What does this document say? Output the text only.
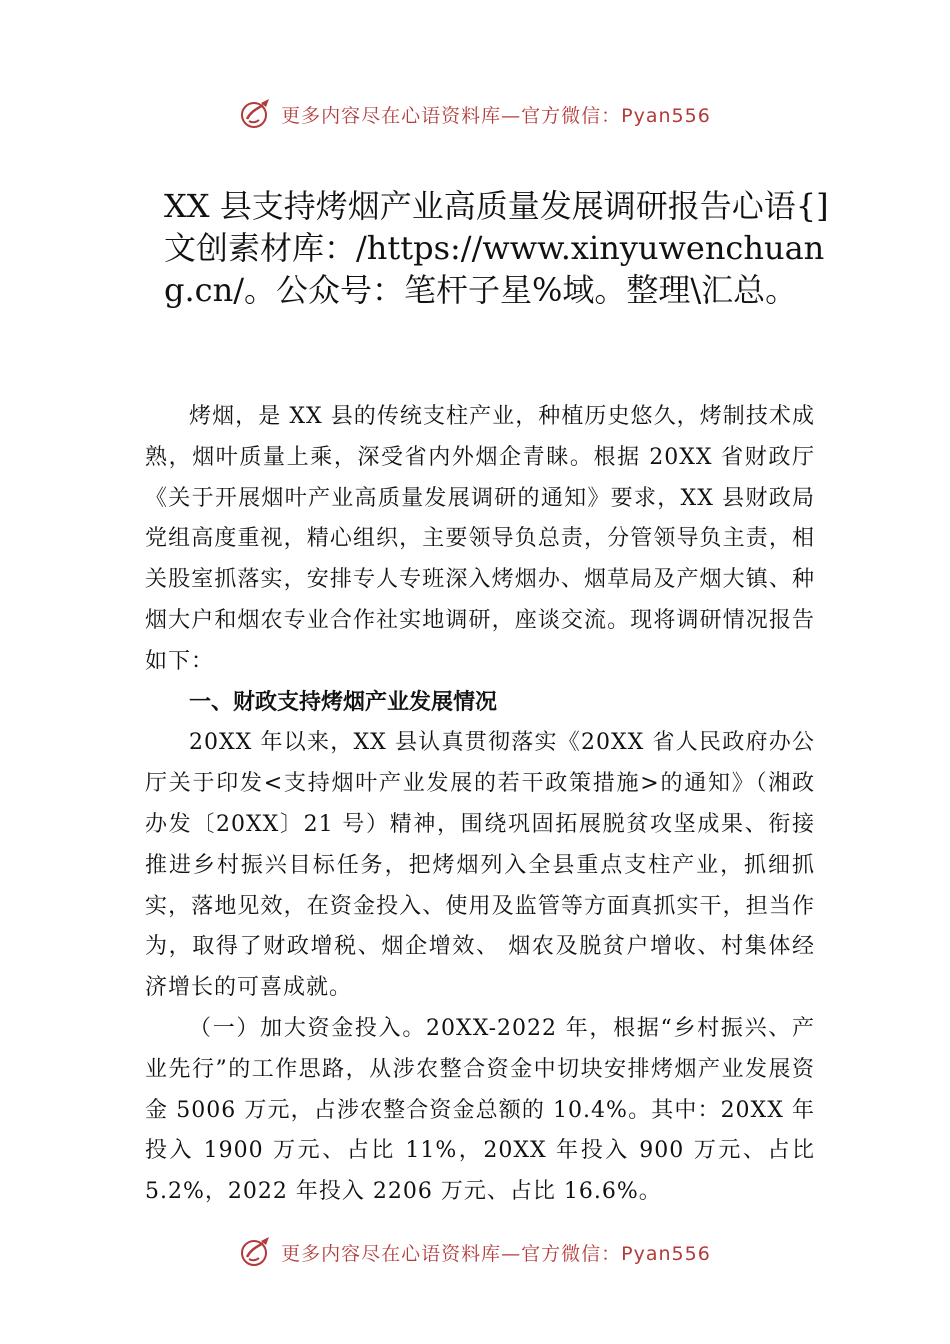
更多内容尽在心语资料库—官方微信：Pyan556
XX 县支持烤烟产业高质量发展调研报告心语{]文创素材库：/https://www.xinyuwenchuang.cn/。公众号：笔杆子星%域。整理\汇总。

烤烟，是 XX 县的传统支柱产业，种植历史悠久，烤制技术成熟，烟叶质量上乘，深受省内外烟企青睐。根据 20XX 省财政厅《关于开展烟叶产业高质量发展调研的通知》要求，XX 县财政局党组高度重视，精心组织，主要领导负总责，分管领导负主责，相关股室抓落实，安排专人专班深入烤烟办、烟草局及产烟大镇、种烟大户和烟农专业合作社实地调研，座谈交流。现将调研情况报告如下：

一、财政支持烤烟产业发展情况

20XX 年以来，XX 县认真贯彻落实《20XX 省人民政府办公厅关于印发<支持烟叶产业发展的若干政策措施>的通知》（湘政办发〔20XX〕21 号）精神，围绕巩固拓展脱贫攻坚成果、衔接推进乡村振兴目标任务，把烤烟列入全县重点支柱产业，抓细抓实，落地见效，在资金投入、使用及监管等方面真抓实干，担当作为，取得了财政增税、烟企增效、 烟农及脱贫户增收、村集体经济增长的可喜成就。

（一）加大资金投入。20XX-2022 年，根据“乡村振兴、产业先行”的工作思路，从涉农整合资金中切块安排烤烟产业发展资金 5006 万元，占涉农整合资金总额的 10.4%。其中：20XX 年投入 1900 万元、占比 11%，20XX 年投入 900 万元、占比 5.2%，2022 年投入 2206 万元、占比 16.6%。

更多内容尽在心语资料库—官方微信：Pyan556
